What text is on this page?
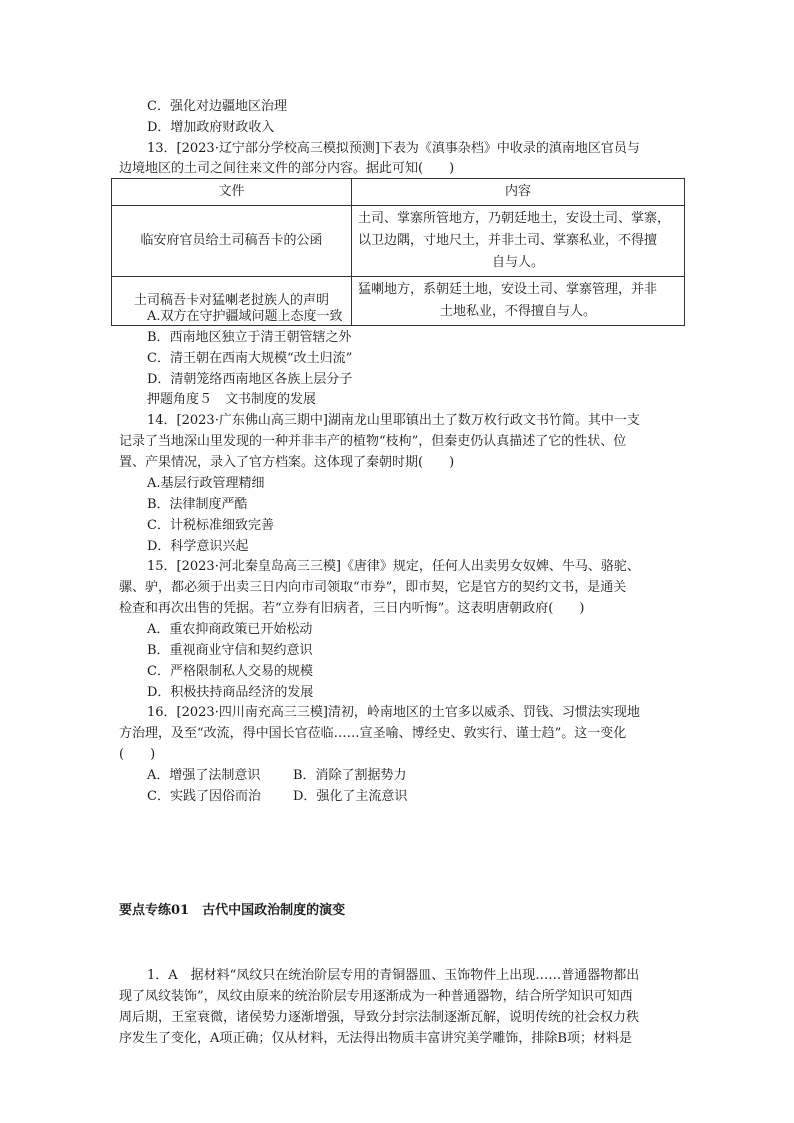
C．强化对边疆地区治理
D．增加政府财政收入
13．[2023·辽宁部分学校高三模拟预测]下表为《滇事杂档》中收录的滇南地区官员与
边境地区的土司之间往来文件的部分内容。据此可知(　　)
文件	内容
临安府官员给土司稿吾卡的公函	土司、掌寨所管地方，乃朝廷地土，安设土司、掌寨，
以卫边隅，寸地尺土，并非土司、掌寨私业，不得擅
自与人。

土司稿吾卡对猛喇老挝族人的声明	猛喇地方，系朝廷土地，安设土司、掌寨管理，并非
土地私业，不得擅自与人。
A.双方在守护疆域问题上态度一致
B．西南地区独立于清王朝管辖之外
C．清王朝在西南大规模“改土归流”
D．清朝笼络西南地区各族上层分子
押题角度５　文书制度的发展
14．[2023·广东佛山高三期中]湖南龙山里耶镇出土了数万枚行政文书竹简。其中一支
记录了当地深山里发现的一种并非丰产的植物“枝枸”，但秦吏仍认真描述了它的性状、位
置、产果情况，录入了官方档案。这体现了秦朝时期(　　)
A.基层行政管理精细
B．法律制度严酷
C．计税标准细致完善
D．科学意识兴起
15．[2023·河北秦皇岛高三三模]《唐律》规定，任何人出卖男女奴婢、牛马、骆驼、
骡、驴，都必须于出卖三日内向市司领取“市券”，即市契，它是官方的契约文书，是通关
检查和再次出售的凭据。若“立券有旧病者，三日内听悔”。这表明唐朝政府(　　)
A．重农抑商政策已开始松动
B．重视商业守信和契约意识
C．严格限制私人交易的规模
D．积极扶持商品经济的发展
16．[2023·四川南充高三三模]清初，岭南地区的土官多以威杀、罚钱、习惯法实现地
方治理，及至“改流，得中国长官莅临……宣圣喻、博经史、敦实行、谨士趋”。这一变化
(　　)
A．增强了法制意识	B．消除了割据势力
C．实践了因俗而治 D．强化了主流意识
要点专练01　古代中国政治制度的演变
1．A　据材料“凤纹只在统治阶层专用的青铜器皿、玉饰物件上出现……普通器物都出
现了凤纹装饰”，凤纹由原来的统治阶层专用逐渐成为一种普通器物，结合所学知识可知西
周后期，王室衰微，诸侯势力逐渐增强，导致分封宗法制逐渐瓦解，说明传统的社会权力秩
序发生了变化，A项正确；仅从材料，无法得出物质丰富讲究美学雕饰，排除B项；材料是
